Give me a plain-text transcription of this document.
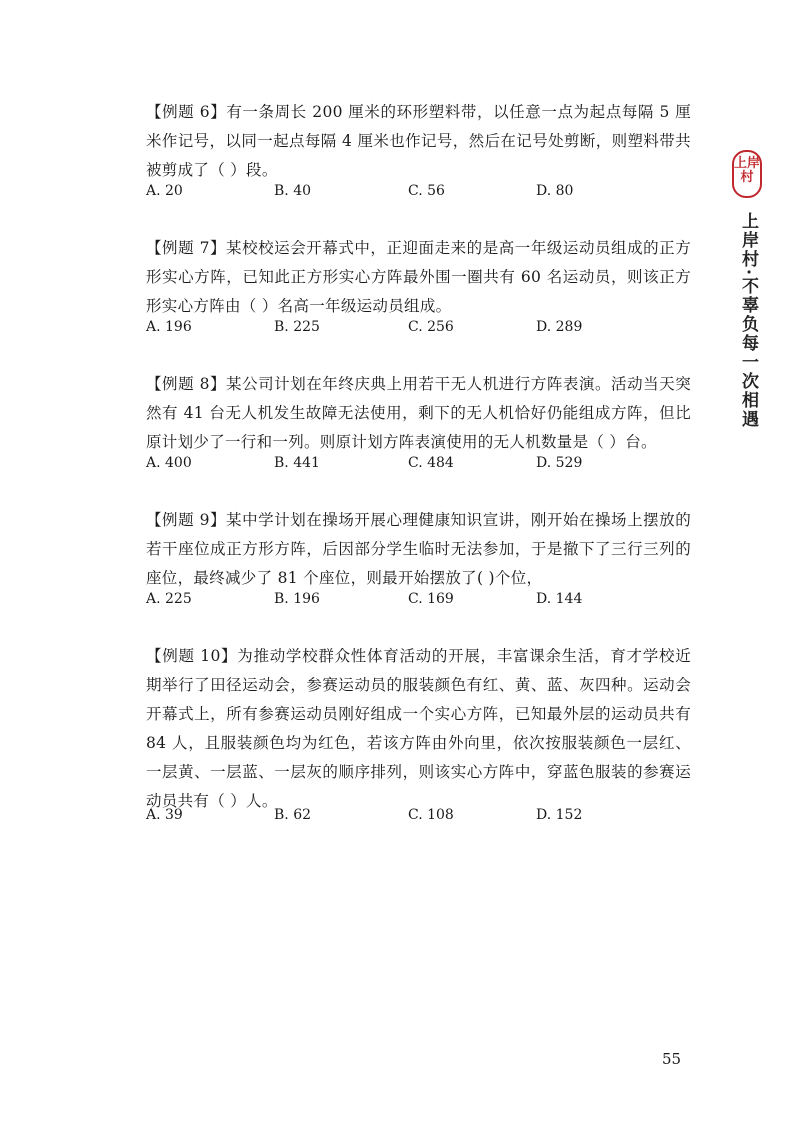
【例题 6】有一条周长 200 厘米的环形塑料带，以任意一点为起点每隔 5 厘米作记号，以同一起点每隔 4 厘米也作记号，然后在记号处剪断，则塑料带共被剪成了（ ）段。
A. 20	B. 40	C. 56	D. 80
【例题 7】某校校运会开幕式中，正迎面走来的是高一年级运动员组成的正方形实心方阵，已知此正方形实心方阵最外围一圈共有 60 名运动员，则该正方形实心方阵由（ ）名高一年级运动员组成。
A. 196	B. 225	C. 256	D. 289
【例题 8】某公司计划在年终庆典上用若干无人机进行方阵表演。活动当天突然有 41 台无人机发生故障无法使用，剩下的无人机恰好仍能组成方阵，但比原计划少了一行和一列。则原计划方阵表演使用的无人机数量是（ ）台。
A. 400	B. 441	C. 484	D. 529
【例题 9】某中学计划在操场开展心理健康知识宣讲，刚开始在操场上摆放的若干座位成正方形方阵，后因部分学生临时无法参加，于是撤下了三行三列的座位，最终减少了 81 个座位，则最开始摆放了( )个位，
A. 225	B. 196	C. 169	D. 144
【例题 10】为推动学校群众性体育活动的开展，丰富课余生活，育才学校近期举行了田径运动会，参赛运动员的服装颜色有红、黄、蓝、灰四种。运动会开幕式上，所有参赛运动员刚好组成一个实心方阵，已知最外层的运动员共有 84 人，且服装颜色均为红色，若该方阵由外向里，依次按服装颜色一层红、一层黄、一层蓝、一层灰的顺序排列，则该实心方阵中，穿蓝色服装的参赛运动员共有（ ）人。
A. 39	B. 62	C. 108	D. 152
上岸村
上岸村·不辜负每一次相遇
55
